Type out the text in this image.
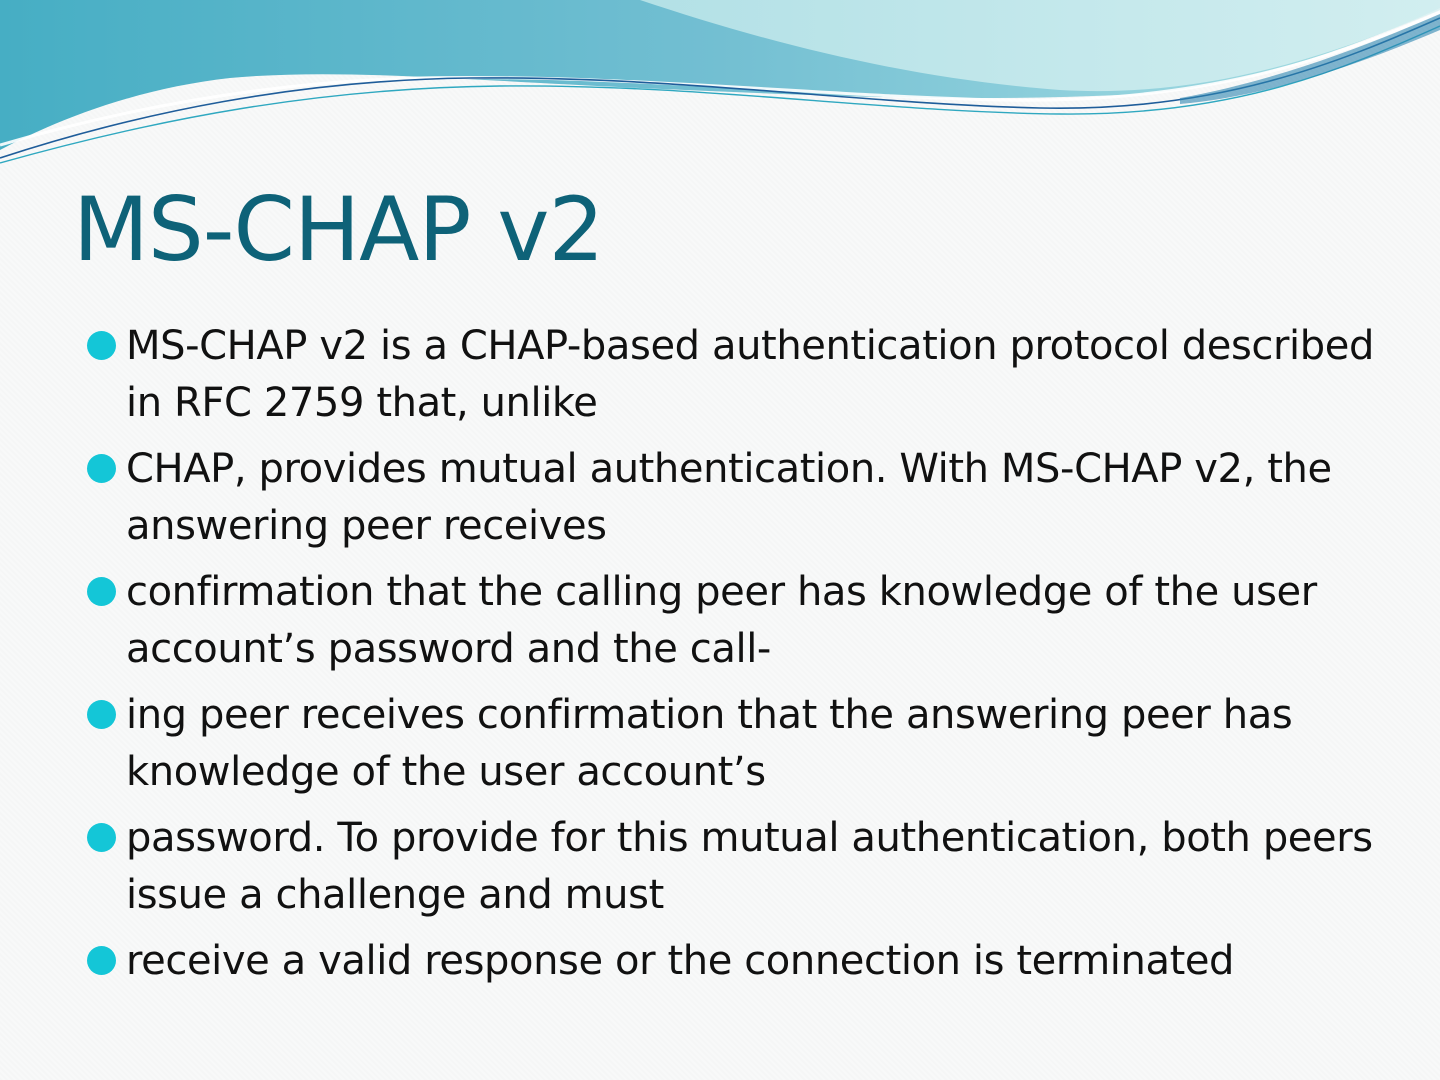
MS-CHAP v2
MS-CHAP v2 is a CHAP-based authentication protocol described in RFC 2759 that, unlike
CHAP, provides mutual authentication. With MS-CHAP v2, the answering peer receives
confirmation that the calling peer has knowledge of the user account’s password and the call-
ing peer receives confirmation that the answering peer has knowledge of the user account’s
password. To provide for this mutual authentication, both peers issue a challenge and must
receive a valid response or the connection is terminated
